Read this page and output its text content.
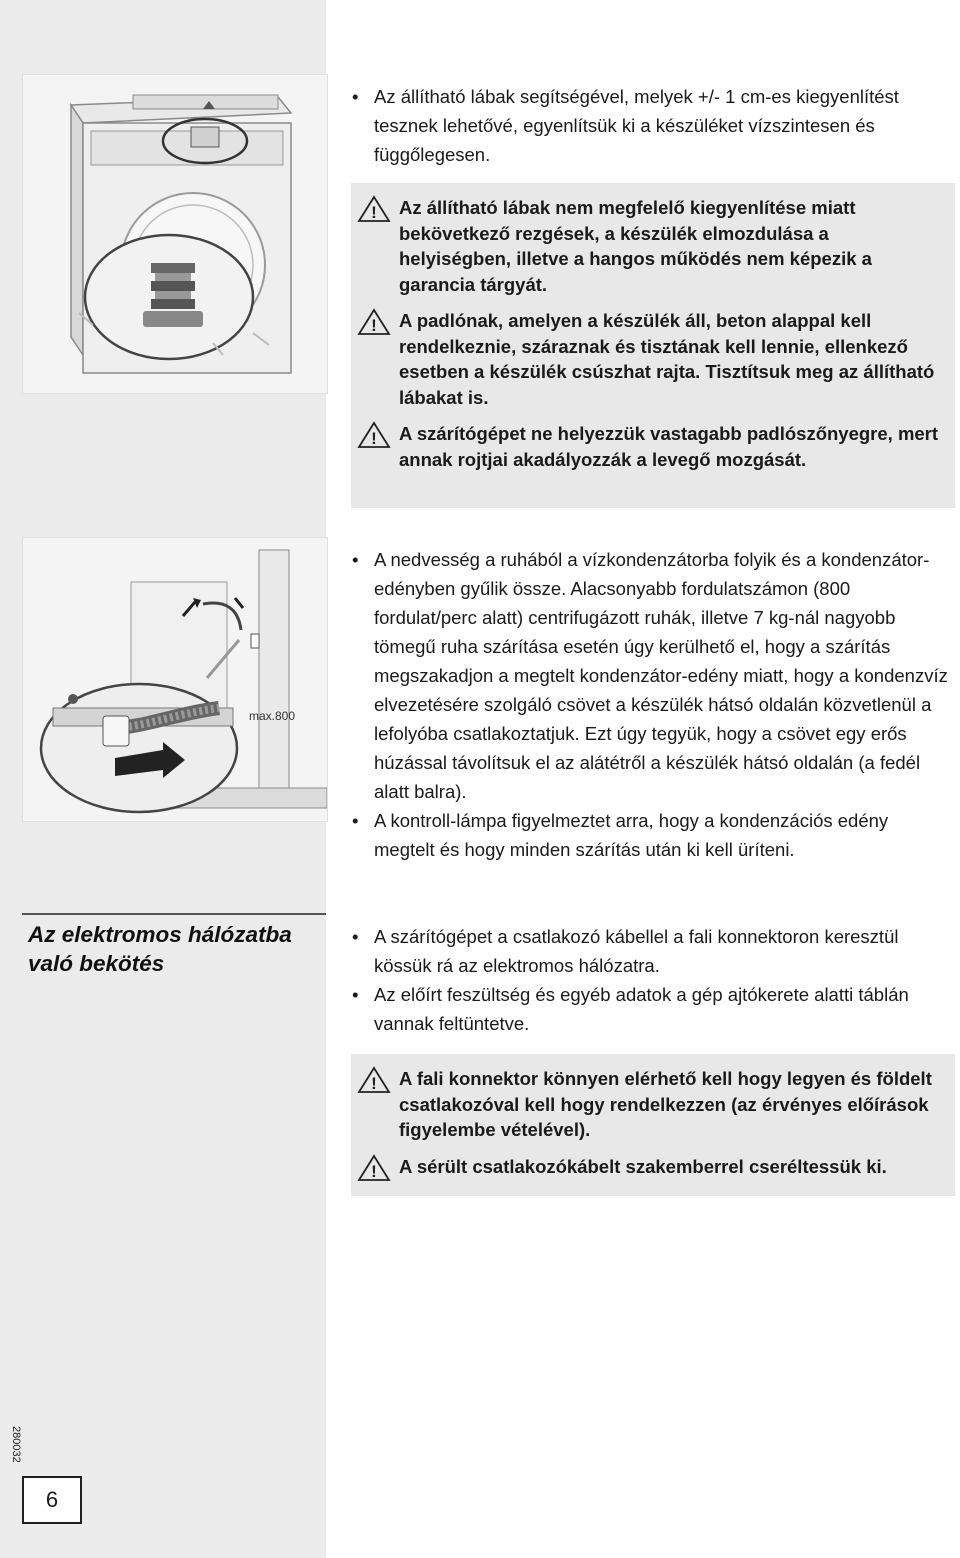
• Az állítható lábak segítségével, melyek +/- 1 cm-es kiegyenlítést tesznek lehetővé, egyenlítsük ki a készüléket vízszintesen és függőlegesen.
! Az állítható lábak nem megfelelő kiegyenlítése miatt bekövetkező rezgések, a készülék elmozdulása a helyiségben, illetve a hangos működés nem képezik a garancia tárgyát.
! A padlónak, amelyen a készülék áll, beton alappal kell rendelkeznie, száraznak és tisztának kell lennie, ellenkező esetben a készülék csúszhat rajta. Tisztítsuk meg az állítható lábakat is.
! A szárítógépet ne helyezzük vastagabb padlószőnyegre, mert annak rojtjai akadályozzák a levegő mozgását.
max.800
• A nedvesség a ruhából a vízkondenzátorba folyik és a kondenzátor-edényben gyűlik össze. Alacsonyabb fordulatszámon (800 fordulat/perc alatt) centrifugázott ruhák, illetve 7 kg-nál nagyobb tömegű ruha szárítása esetén úgy kerülhető el, hogy a szárítás megszakadjon a megtelt kondenzátor-edény miatt, hogy a kondenzvíz elvezetésére szolgáló csövet a készülék hátsó oldalán közvetlenül a lefolyóba csatlakoztatjuk. Ezt úgy tegyük, hogy a csövet egy erős húzással távolítsuk el az alátétről a készülék hátsó oldalán (a fedél alatt balra).
• A kontroll-lámpa figyelmeztet arra, hogy a kondenzációs edény megtelt és hogy minden szárítás után ki kell üríteni.
Az elektromos hálózatba való bekötés
• A szárítógépet a csatlakozó kábellel a fali konnektoron keresztül kössük rá az elektromos hálózatra.
• Az előírt feszültség és egyéb adatok a gép ajtókerete alatti táblán vannak feltüntetve.
! A fali konnektor könnyen elérhető kell hogy legyen és földelt csatlakozóval kell hogy rendelkezzen (az érvényes előírások figyelembe vételével).
! A sérült csatlakozókábelt szakemberrel cseréltessük ki.
280032
6
